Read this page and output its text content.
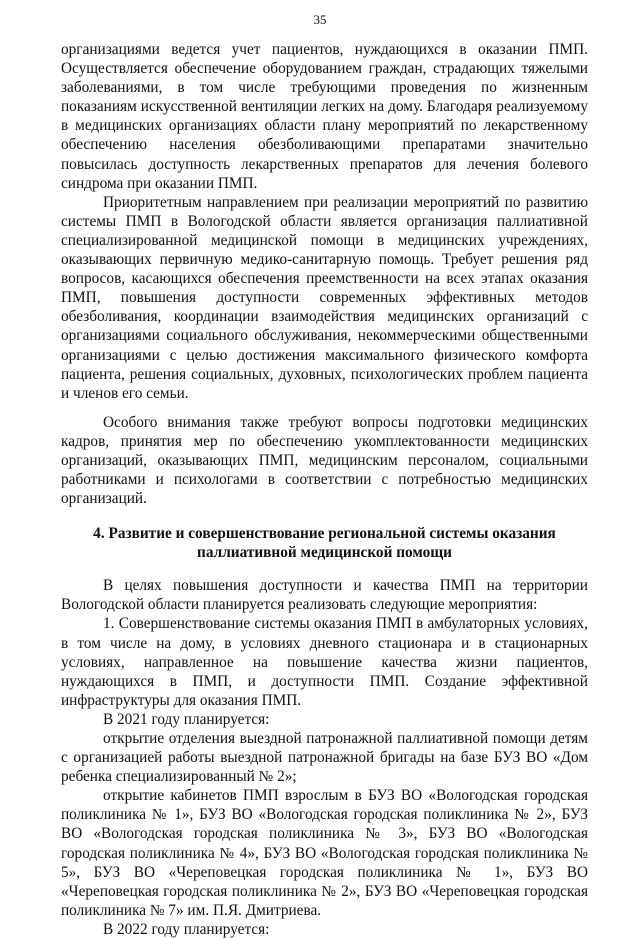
35

организациями ведется учет пациентов, нуждающихся в оказании ПМП. Осуществляется обеспечение оборудованием граждан, страдающих тяжелыми заболеваниями, в том числе требующими проведения по жизненным показаниям искусственной вентиляции легких на дому. Благодаря реализуемому в медицинских организациях области плану мероприятий по лекарственному обеспечению населения обезболивающими препаратами значительно повысилась доступность лекарственных препаратов для лечения болевого синдрома при оказании ПМП.

Приоритетным направлением при реализации мероприятий по развитию системы ПМП в Вологодской области является организация паллиативной специализированной медицинской помощи в медицинских учреждениях, оказывающих первичную медико-санитарную помощь. Требует решения ряд вопросов, касающихся обеспечения преемственности на всех этапах оказания ПМП, повышения доступности современных эффективных методов обезболивания, координации взаимодействия медицинских организаций с организациями социального обслуживания, некоммерческими общественными организациями с целью достижения максимального физического комфорта пациента, решения социальных, духовных, психологических проблем пациента и членов его семьи.

Особого внимания также требуют вопросы подготовки медицинских кадров, принятия мер по обеспечению укомплектованности медицинских организаций, оказывающих ПМП, медицинским персоналом, социальными работниками и психологами в соответствии с потребностью медицинских организаций.

4. Развитие и совершенствование региональной системы оказания паллиативной медицинской помощи

В целях повышения доступности и качества ПМП на территории Вологодской области планируется реализовать следующие мероприятия:

1. Совершенствование системы оказания ПМП в амбулаторных условиях, в том числе на дому, в условиях дневного стационара и в стационарных условиях, направленное на повышение качества жизни пациентов, нуждающихся в ПМП, и доступности ПМП. Создание эффективной инфраструктуры для оказания ПМП.

В 2021 году планируется:

открытие отделения выездной патронажной паллиативной помощи детям с организацией работы выездной патронажной бригады на базе БУЗ ВО «Дом ребенка специализированный № 2»;

открытие кабинетов ПМП взрослым в БУЗ ВО «Вологодская городская поликлиника № 1», БУЗ ВО «Вологодская городская поликлиника № 2», БУЗ ВО «Вологодская городская поликлиника № 3», БУЗ ВО «Вологодская городская поликлиника № 4», БУЗ ВО «Вологодская городская поликлиника № 5», БУЗ ВО «Череповецкая городская поликлиника № 1», БУЗ ВО «Череповецкая городская поликлиника № 2», БУЗ ВО «Череповецкая городская поликлиника № 7» им. П.Я. Дмитриева.

В 2022 году планируется:
